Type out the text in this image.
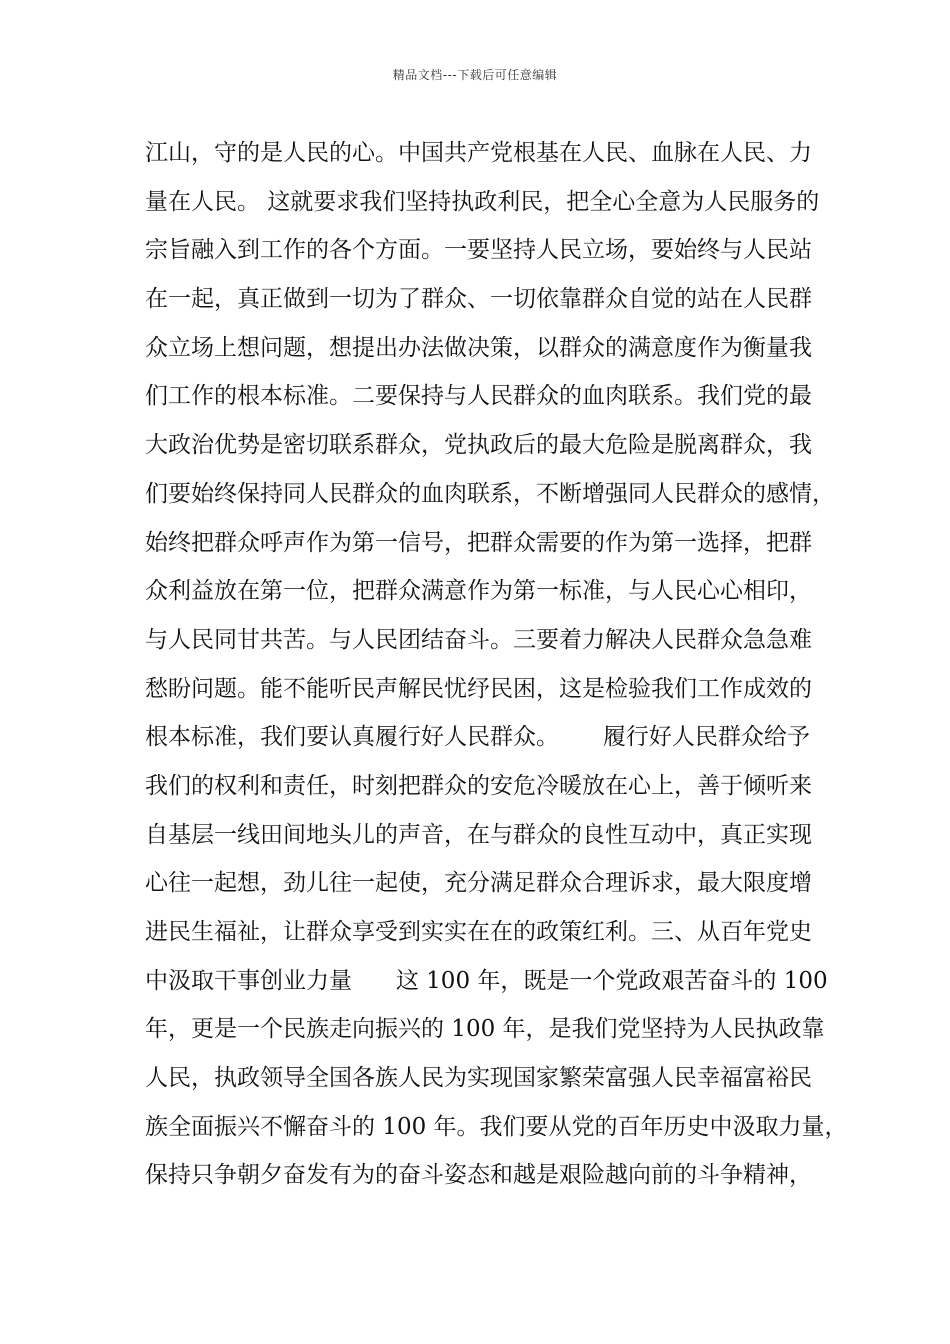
精品文档---下载后可任意编辑
江山，守的是人民的心。中国共产党根基在人民、血脉在人民、力
量在人民。 这就要求我们坚持执政利民，把全心全意为人民服务的
宗旨融入到工作的各个方面。一要坚持人民立场，要始终与人民站
在一起，真正做到一切为了群众、一切依靠群众自觉的站在人民群
众立场上想问题，想提出办法做决策，以群众的满意度作为衡量我
们工作的根本标准。二要保持与人民群众的血肉联系。我们党的最
大政治优势是密切联系群众，党执政后的最大危险是脱离群众，我
们要始终保持同人民群众的血肉联系，不断增强同人民群众的感情，
始终把群众呼声作为第一信号，把群众需要的作为第一选择，把群
众利益放在第一位，把群众满意作为第一标准，与人民心心相印，
与人民同甘共苦。与人民团结奋斗。三要着力解决人民群众急急难
愁盼问题。能不能听民声解民忧纾民困，这是检验我们工作成效的
根本标准，我们要认真履行好人民群众。      履行好人民群众给予
我们的权利和责任，时刻把群众的安危冷暖放在心上，善于倾听来
自基层一线田间地头儿的声音，在与群众的良性互动中，真正实现
心往一起想，劲儿往一起使，充分满足群众合理诉求，最大限度增
进民生福祉，让群众享受到实实在在的政策红利。三、从百年党史
中汲取干事创业力量      这 100 年，既是一个党政艰苦奋斗的 100
年，更是一个民族走向振兴的 100 年，是我们党坚持为人民执政靠
人民，执政领导全国各族人民为实现国家繁荣富强人民幸福富裕民
族全面振兴不懈奋斗的 100 年。我们要从党的百年历史中汲取力量，
保持只争朝夕奋发有为的奋斗姿态和越是艰险越向前的斗争精神，
